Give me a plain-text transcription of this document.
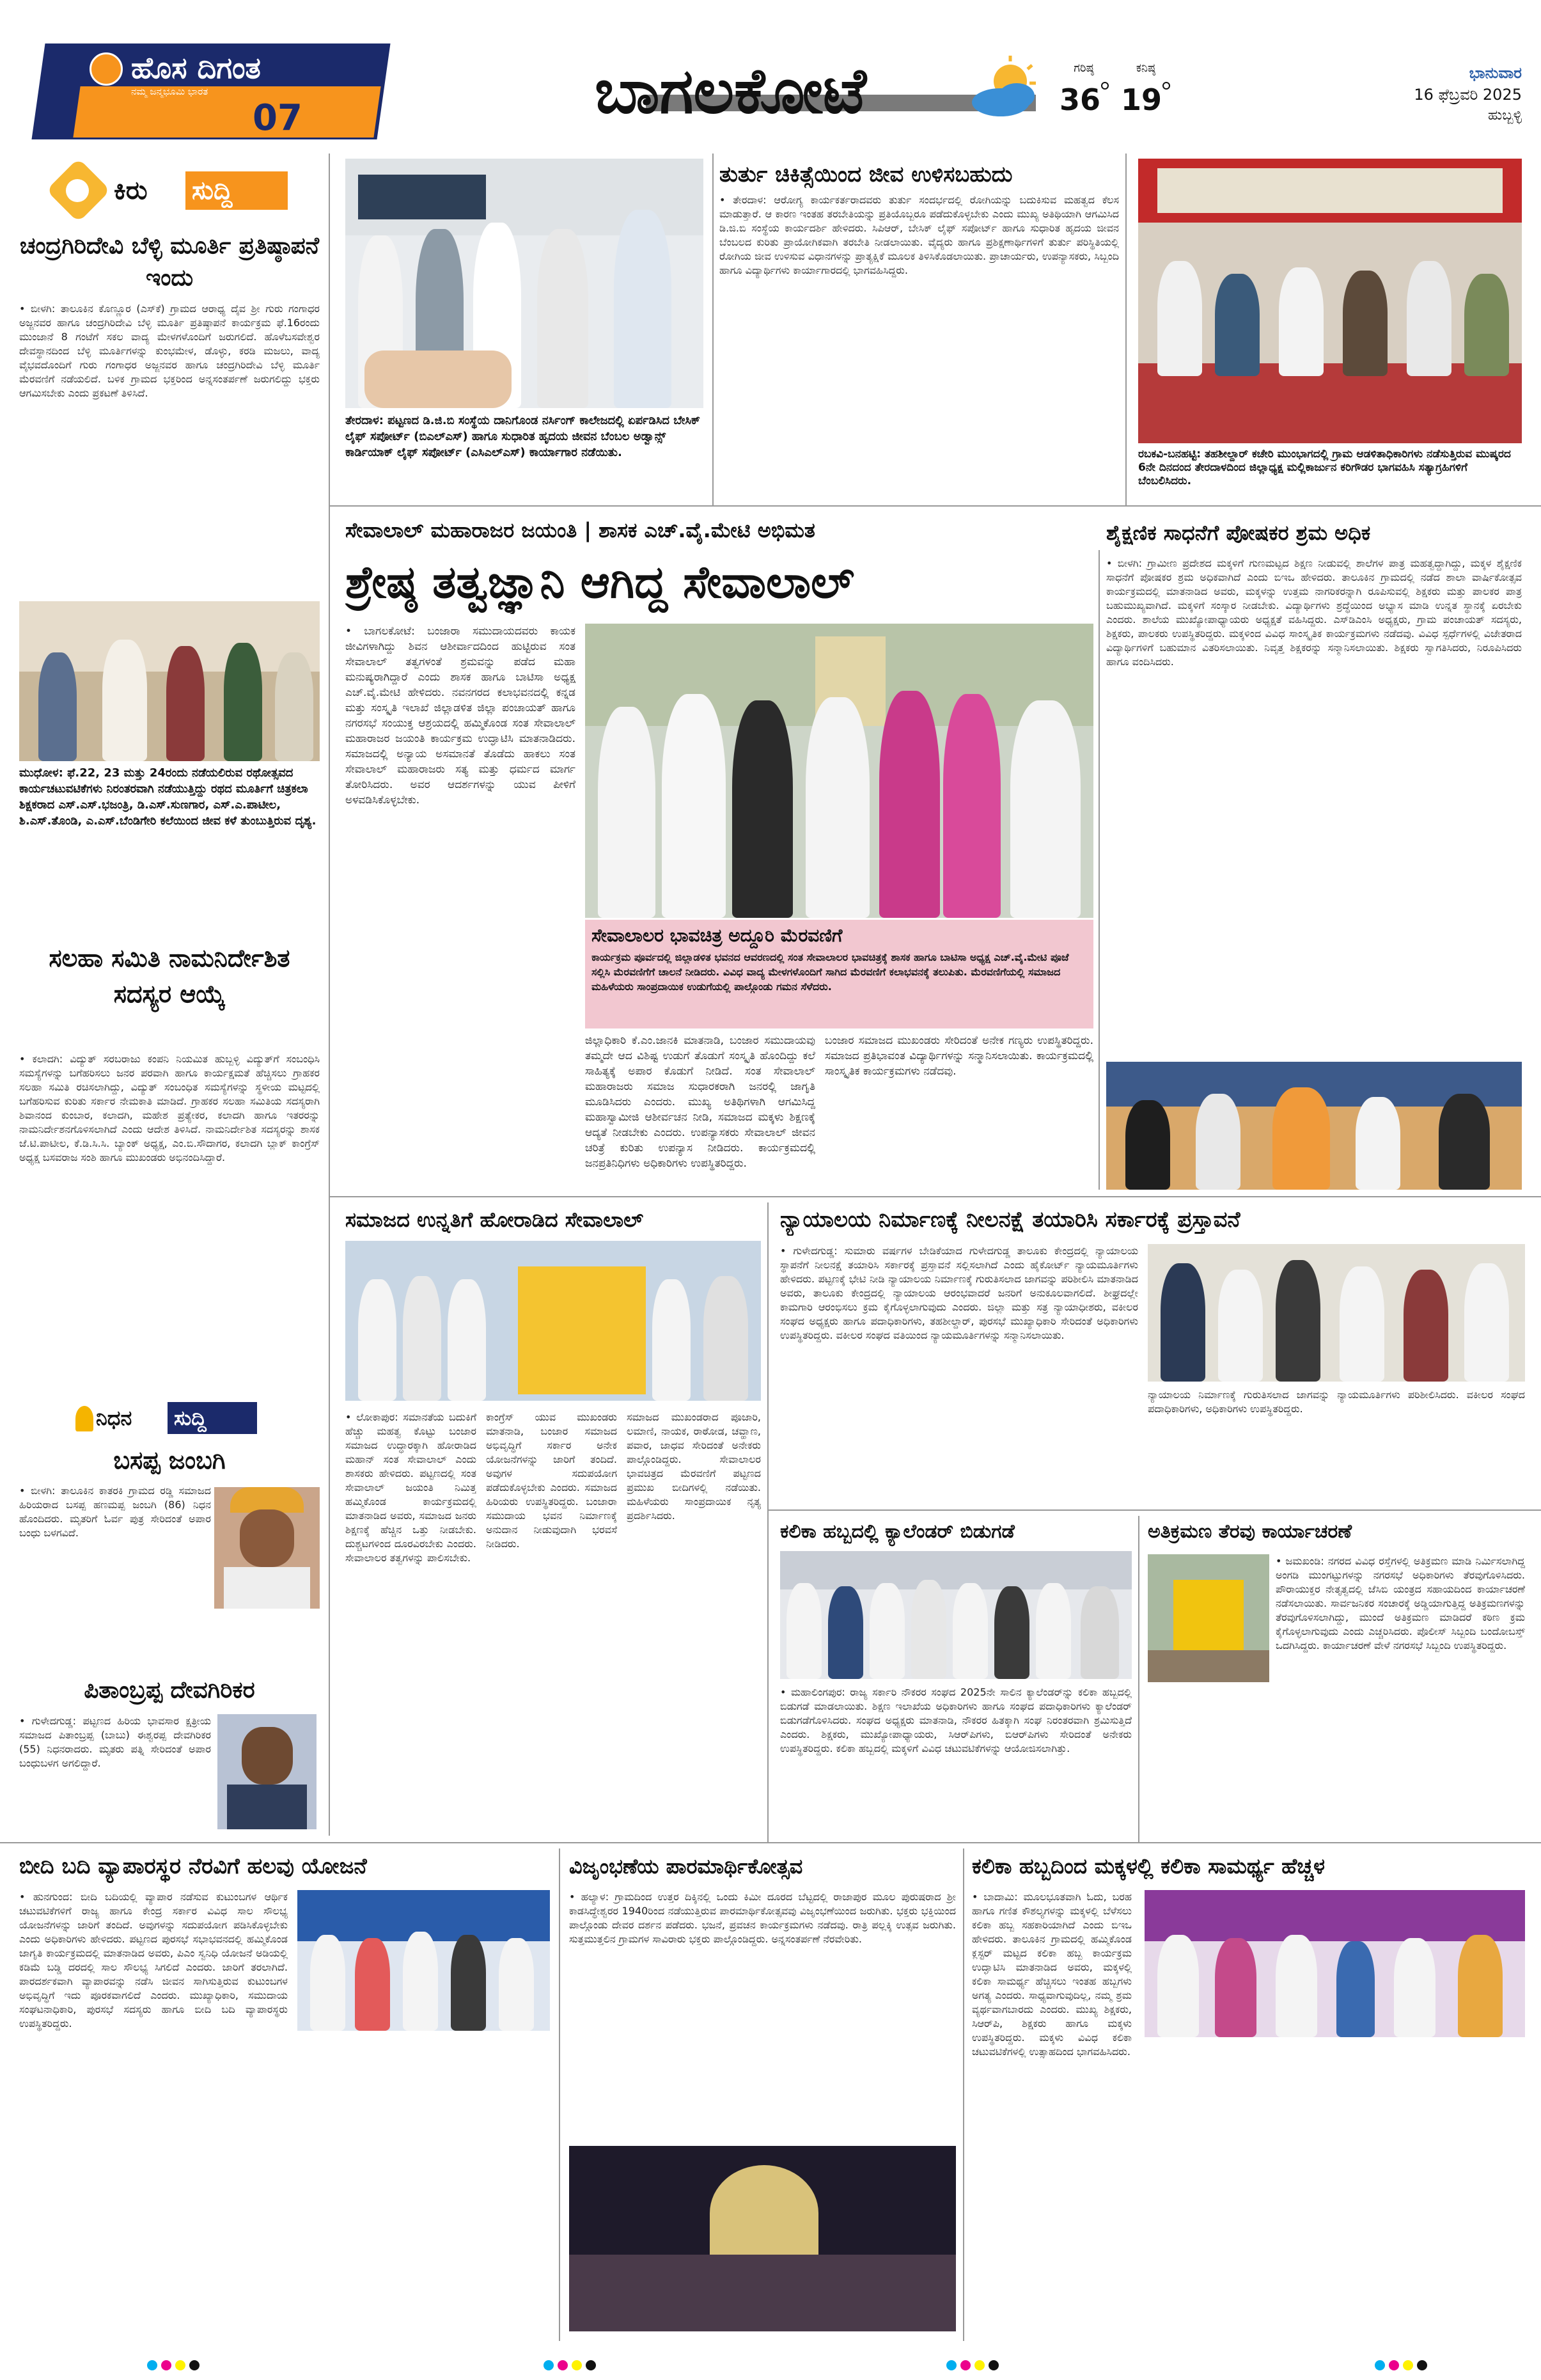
ಹೊಸ ದಿಗಂತ
ನಮ್ಮ ಜನ್ಮಭೂಮಿ ಭಾರತ
07	ಬಾಗಲಕೋಟೆ	ಗರಿಷ್ಠ
36
ಕನಿಷ್ಠ
19
ಭಾನುವಾರ
16 ಫೆಬ್ರವರಿ 2025
ಹುಬ್ಬಳ್ಳಿ
ಕಿರು	ಸುದ್ದಿ
ಚಂದ್ರಗಿರಿದೇವಿ ಬೆಳ್ಳಿ ಮೂರ್ತಿ ಪ್ರತಿಷ್ಠಾಪನೆ ಇಂದು
• ಬೀಳಗಿ: ತಾಲೂಕಿನ ಕೊಣ್ಣೂರ (ಎಸ್‌ಕೆ) ಗ್ರಾಮದ ಆರಾಧ್ಯ ದೈವ ಶ್ರೀ ಗುರು ಗಂಗಾಧರ ಅಜ್ಜನವರ ಹಾಗೂ ಚಂದ್ರಗಿರಿದೇವಿ ಬೆಳ್ಳಿ ಮೂರ್ತಿ ಪ್ರತಿಷ್ಠಾಪನೆ ಕಾರ್ಯಕ್ರಮ ಫೆ.16ರಂದು ಮುಂಜಾನೆ 8 ಗಂಟೆಗೆ ಸಕಲ ವಾದ್ಯ ಮೇಳಗಳೊಂದಿಗೆ ಜರುಗಲಿದೆ. ಹೊಳೆಬಸವೇಶ್ವರ ದೇವಸ್ಥಾನದಿಂದ ಬೆಳ್ಳಿ ಮೂರ್ತಿಗಳನ್ನು ಕುಂಭಮೇಳ, ಡೊಳ್ಳು, ಕರಡಿ ಮಜಲು, ವಾದ್ಯ ವೈಭವದೊಂದಿಗೆ ಗುರು ಗಂಗಾಧರ ಅಜ್ಜನವರ ಹಾಗೂ ಚಂದ್ರಗಿರಿದೇವಿ ಬೆಳ್ಳಿ ಮೂರ್ತಿ ಮೆರವಣಿಗೆ ನಡೆಯಲಿದೆ. ಬಳಿಕ ಗ್ರಾಮದ ಭಕ್ತರಿಂದ ಅನ್ನಸಂತರ್ಪಣೆ ಜರುಗಲಿದ್ದು ಭಕ್ತರು ಆಗಮಿಸಬೇಕು ಎಂದು ಪ್ರಕಟಣೆ ತಿಳಿಸಿದೆ.
ಮುಧೋಳ: ಫೆ.22, 23 ಮತ್ತು 24ರಂದು ನಡೆಯಲಿರುವ ರಥೋತ್ಸವದ ಕಾರ್ಯಚಟುವಟಿಕೆಗಳು ನಿರಂತರವಾಗಿ ನಡೆಯುತ್ತಿದ್ದು ರಥದ ಮೂರ್ತಿಗೆ ಚಿತ್ರಕಲಾ ಶಿಕ್ಷಕರಾದ ಎಸ್.ಎಸ್.ಭಜಂತ್ರಿ, ಡಿ.ಎಸ್.ಸುಣಗಾರ, ಎಸ್.ಎ.ಪಾಟೀಲ, ಶಿ.ಎಸ್.ತೊಂಡಿ, ಎ.ಎಸ್.ಬೆಂಡಿಗೇರಿ ಕಲೆಯಿಂದ ಜೀವ ಕಳೆ ತುಂಬುತ್ತಿರುವ ದೃಶ್ಯ.
ಸಲಹಾ ಸಮಿತಿ ನಾಮನಿರ್ದೇಶಿತ ಸದಸ್ಯರ ಆಯ್ಕೆ
• ಕಲಾದಗಿ: ವಿದ್ಯುತ್ ಸರಬರಾಜು ಕಂಪನಿ ನಿಯಮಿತ ಹುಬ್ಬಳ್ಳಿ ವಿದ್ಯುತ್‌ಗೆ ಸಂಬಂಧಿಸಿ ಸಮಸ್ಯೆಗಳನ್ನು ಬಗೆಹರಿಸಲು ಜನರ ಪರವಾಗಿ ಹಾಗೂ ಕಾರ್ಯಕ್ಷಮತೆ ಹೆಚ್ಚಿಸಲು ಗ್ರಾಹಕರ ಸಲಹಾ ಸಮಿತಿ ರಚಿಸಲಾಗಿದ್ದು, ವಿದ್ಯುತ್ ಸಂಬಂಧಿತ ಸಮಸ್ಯೆಗಳನ್ನು ಸ್ಥಳೀಯ ಮಟ್ಟದಲ್ಲಿ ಬಗೆಹರಿಸುವ ಕುರಿತು ಸರ್ಕಾರ ನೇಮಕಾತಿ ಮಾಡಿದೆ. ಗ್ರಾಹಕರ ಸಲಹಾ ಸಮಿತಿಯ ಸದಸ್ಯರಾಗಿ ಶಿವಾನಂದ ಕುಂಬಾರ, ಕಲಾದಗಿ, ಮಹೇಶ ಪ್ರತ್ಯೇಕರ, ಕಲಾದಗಿ ಹಾಗೂ ಇತರರನ್ನು ನಾಮನಿರ್ದೇಶನಗೊಳಿಸಲಾಗಿದೆ ಎಂದು ಆದೇಶ ತಿಳಿಸಿದೆ. ನಾಮನಿರ್ದೇಶಿತ ಸದಸ್ಯರನ್ನು ಶಾಸಕ ಜೆ.ಟಿ.ಪಾಟೀಲ, ಕೆ.ಡಿ.ಸಿ.ಸಿ. ಬ್ಯಾಂಕ್ ಅಧ್ಯಕ್ಷ, ಎಂ.ಬಿ.ಸೌದಾಗರ, ಕಲಾದಗಿ ಬ್ಲಾಕ್ ಕಾಂಗ್ರೆಸ್ ಅಧ್ಯಕ್ಷ ಬಸವರಾಜ ಸಂಶಿ ಹಾಗೂ ಮುಖಂಡರು ಅಭಿನಂದಿಸಿದ್ದಾರೆ.
ನಿಧನ	ಸುದ್ದಿ
ಬಸಪ್ಪ ಜಂಬಗಿ
• ಬೀಳಗಿ: ತಾಲೂಕಿನ ಕಾತರಕಿ ಗ್ರಾಮದ ರಡ್ಡಿ ಸಮಾಜದ ಹಿರಿಯರಾದ ಬಸಪ್ಪ ಹಣಮಪ್ಪ ಜಂಬಗಿ (86) ನಿಧನ ಹೊಂದಿದರು. ಮೃತರಿಗೆ ಓರ್ವ ಪುತ್ರ ಸೇರಿದಂತೆ ಅಪಾರ ಬಂಧು ಬಳಗವಿದೆ.
ಪಿತಾಂಬ್ರಪ್ಪ ದೇವಗಿರಿಕರ
• ಗುಳೇದಗುಡ್ಡ: ಪಟ್ಟಣದ ಹಿರಿಯ ಭಾವಸಾರ ಕ್ಷತ್ರೀಯ ಸಮಾಜದ ಪಿತಾಂಬ್ರಪ್ಪ (ಬಾಬು) ಈಶ್ವರಪ್ಪ ದೇವಗಿರಿಕರ (55) ನಿಧನರಾದರು. ಮೃತರು ಪತ್ನಿ ಸೇರಿದಂತೆ ಅಪಾರ ಬಂಧುಬಳಗ ಅಗಲಿದ್ದಾರೆ.
ತೇರದಾಳ: ಪಟ್ಟಣದ ಡಿ.ಜಿ.ಬಿ ಸಂಸ್ಥೆಯ ದಾನಿಗೊಂಡ ನರ್ಸಿಂಗ್ ಕಾಲೇಜದಲ್ಲಿ ಏರ್ಪಡಿಸಿದ ಬೇಸಿಕ್ ಲೈಫ್ ಸಪೋರ್ಟ್ (ಬಿಎಲ್‌ಎಸ್) ಹಾಗೂ ಸುಧಾರಿತ ಹೃದಯ ಜೀವನ ಬೆಂಬಲ ಅಡ್ವಾನ್ಸ್ ಕಾರ್ಡಿಯಾಕ್ ಲೈಫ್ ಸಪೋರ್ಟ್ (ಎಸಿಎಲ್‌ಎಸ್) ಕಾರ್ಯಾಗಾರ ನಡೆಯಿತು.
ತುರ್ತು ಚಿಕಿತ್ಸೆಯಿಂದ ಜೀವ ಉಳಿಸಬಹುದು
• ತೇರದಾಳ: ಆರೋಗ್ಯ ಕಾರ್ಯಕರ್ತರಾದವರು ತುರ್ತು ಸಂದರ್ಭದಲ್ಲಿ ರೋಗಿಯನ್ನು ಬದುಕಿಸುವ ಮಹತ್ವದ ಕೆಲಸ ಮಾಡುತ್ತಾರೆ. ಆ ಕಾರಣ ಇಂತಹ ತರಬೇತಿಯನ್ನು ಪ್ರತಿಯೊಬ್ಬರೂ ಪಡೆದುಕೊಳ್ಳಬೇಕು ಎಂದು ಮುಖ್ಯ ಅತಿಥಿಯಾಗಿ ಆಗಮಿಸಿದ ಡಿ.ಜಿ.ಬಿ ಸಂಸ್ಥೆಯ ಕಾರ್ಯದರ್ಶಿ ಹೇಳಿದರು. ಸಿಪಿಆರ್, ಬೇಸಿಕ್ ಲೈಫ್ ಸಪೋರ್ಟ್ ಹಾಗೂ ಸುಧಾರಿತ ಹೃದಯ ಜೀವನ ಬೆಂಬಲದ ಕುರಿತು ಪ್ರಾಯೋಗಿಕವಾಗಿ ತರಬೇತಿ ನೀಡಲಾಯಿತು. ವೈದ್ಯರು ಹಾಗೂ ಪ್ರಶಿಕ್ಷಣಾರ್ಥಿಗಳಿಗೆ ತುರ್ತು ಪರಿಸ್ಥಿತಿಯಲ್ಲಿ ರೋಗಿಯ ಜೀವ ಉಳಿಸುವ ವಿಧಾನಗಳನ್ನು ಪ್ರಾತ್ಯಕ್ಷಿಕೆ ಮೂಲಕ ತಿಳಿಸಿಕೊಡಲಾಯಿತು. ಪ್ರಾಚಾರ್ಯರು, ಉಪನ್ಯಾಸಕರು, ಸಿಬ್ಬಂದಿ ಹಾಗೂ ವಿದ್ಯಾರ್ಥಿಗಳು ಕಾರ್ಯಾಗಾರದಲ್ಲಿ ಭಾಗವಹಿಸಿದ್ದರು.
ರಬಕವಿ-ಬನಹಟ್ಟಿ: ತಹಶೀಲ್ದಾರ್ ಕಚೇರಿ ಮುಂಭಾಗದಲ್ಲಿ ಗ್ರಾಮ ಆಡಳಿತಾಧಿಕಾರಿಗಳು ನಡೆಸುತ್ತಿರುವ ಮುಷ್ಕರದ 6ನೇ ದಿನದಂದ ತೇರದಾಳದಿಂದ ಜಿಲ್ಲಾಧ್ಯಕ್ಷ ಮಲ್ಲಿಕಾರ್ಜುನ ಕರಿಗೌಡರ ಭಾಗವಹಿಸಿ ಸತ್ಯಾಗ್ರಹಿಗಳಿಗೆ ಬೆಂಬಲಿಸಿದರು.
ಸೇವಾಲಾಲ್ ಮಹಾರಾಜರ ಜಯಂತಿ | ಶಾಸಕ ಎಚ್.ವೈ.ಮೇಟಿ ಅಭಿಮತ
ಶ್ರೇಷ್ಠ ತತ್ವಜ್ಞಾನಿ ಆಗಿದ್ದ ಸೇವಾಲಾಲ್
• ಬಾಗಲಕೋಟೆ: ಬಂಜಾರಾ ಸಮುದಾಯದವರು ಕಾಯಕ ಜೀವಿಗಳಾಗಿದ್ದು ಶಿವನ ಆಶೀರ್ವಾದದಿಂದ ಹುಟ್ಟಿರುವ ಸಂತ ಸೇವಾಲಾಲ್ ತತ್ವಗಳಂತೆ ಶ್ರಮವನ್ನು ಪಡೆದ ಮಹಾ ಮನುಷ್ಯರಾಗಿದ್ದಾರೆ ಎಂದು ಶಾಸಕ ಹಾಗೂ ಬಾಟಿಸಾ ಅಧ್ಯಕ್ಷ ಎಚ್.ವೈ.ಮೇಟಿ ಹೇಳಿದರು. ನವನಗರದ ಕಲಾಭವನದಲ್ಲಿ ಕನ್ನಡ ಮತ್ತು ಸಂಸ್ಕೃತಿ ಇಲಾಖೆ ಜಿಲ್ಲಾಡಳಿತ ಜಿಲ್ಲಾ ಪಂಚಾಯತ್ ಹಾಗೂ ನಗರಸಭೆ ಸಂಯುಕ್ತ ಆಶ್ರಯದಲ್ಲಿ ಹಮ್ಮಿಕೊಂಡ ಸಂತ ಸೇವಾಲಾಲ್ ಮಹಾರಾಜರ ಜಯಂತಿ ಕಾರ್ಯಕ್ರಮ ಉದ್ಘಾಟಿಸಿ ಮಾತನಾಡಿದರು. ಸಮಾಜದಲ್ಲಿ ಅನ್ಯಾಯ ಅಸಮಾನತೆ ತೊಡೆದು ಹಾಕಲು ಸಂತ ಸೇವಾಲಾಲ್ ಮಹಾರಾಜರು ಸತ್ಯ ಮತ್ತು ಧರ್ಮದ ಮಾರ್ಗ ತೋರಿಸಿದರು. ಅವರ ಆದರ್ಶಗಳನ್ನು ಯುವ ಪೀಳಿಗೆ ಅಳವಡಿಸಿಕೊಳ್ಳಬೇಕು.
ಸೇವಾಲಾಲರ ಭಾವಚಿತ್ರ ಅದ್ದೂರಿ ಮೆರವಣಿಗೆ
ಕಾರ್ಯಕ್ರಮ ಪೂರ್ವದಲ್ಲಿ ಜಿಲ್ಲಾಡಳಿತ ಭವನದ ಆವರಣದಲ್ಲಿ ಸಂತ ಸೇವಾಲಾಲರ ಭಾವಚಿತ್ರಕ್ಕೆ ಶಾಸಕ ಹಾಗೂ ಬಾಟಿಸಾ ಅಧ್ಯಕ್ಷ ಎಚ್.ವೈ.ಮೇಟಿ ಪೂಜೆ ಸಲ್ಲಿಸಿ ಮೆರವಣಿಗೆಗೆ ಚಾಲನೆ ನೀಡಿದರು. ವಿವಿಧ ವಾದ್ಯ ಮೇಳಗಳೊಂದಿಗೆ ಸಾಗಿದ ಮೆರವಣಿಗೆ ಕಲಾಭವನಕ್ಕೆ ತಲುಪಿತು. ಮೆರವಣಿಗೆಯಲ್ಲಿ ಸಮಾಜದ ಮಹಿಳೆಯರು ಸಾಂಪ್ರದಾಯಿಕ ಉಡುಗೆಯಲ್ಲಿ ಪಾಲ್ಗೊಂಡು ಗಮನ ಸೆಳೆದರು.
ಜಿಲ್ಲಾಧಿಕಾರಿ ಕೆ.ಎಂ.ಜಾನಕಿ ಮಾತನಾಡಿ, ಬಂಜಾರ ಸಮುದಾಯವು ತಮ್ಮದೇ ಆದ ವಿಶಿಷ್ಟ ಉಡುಗೆ ತೊಡುಗೆ ಸಂಸ್ಕೃತಿ ಹೊಂದಿದ್ದು ಕಲೆ ಸಾಹಿತ್ಯಕ್ಕೆ ಅಪಾರ ಕೊಡುಗೆ ನೀಡಿದೆ. ಸಂತ ಸೇವಾಲಾಲ್ ಮಹಾರಾಜರು ಸಮಾಜ ಸುಧಾರಕರಾಗಿ ಜನರಲ್ಲಿ ಜಾಗೃತಿ ಮೂಡಿಸಿದರು ಎಂದರು. ಮುಖ್ಯ ಅತಿಥಿಗಳಾಗಿ ಆಗಮಿಸಿದ್ದ ಮಹಾಸ್ವಾಮೀಜಿ ಆಶೀರ್ವಚನ ನೀಡಿ, ಸಮಾಜದ ಮಕ್ಕಳು ಶಿಕ್ಷಣಕ್ಕೆ ಆದ್ಯತೆ ನೀಡಬೇಕು ಎಂದರು. ಉಪನ್ಯಾಸಕರು ಸೇವಾಲಾಲ್ ಜೀವನ ಚರಿತ್ರೆ ಕುರಿತು ಉಪನ್ಯಾಸ ನೀಡಿದರು. ಕಾರ್ಯಕ್ರಮದಲ್ಲಿ ಜನಪ್ರತಿನಿಧಿಗಳು ಅಧಿಕಾರಿಗಳು ಉಪಸ್ಥಿತರಿದ್ದರು.
ಬಂಜಾರ ಸಮಾಜದ ಮುಖಂಡರು ಸೇರಿದಂತೆ ಅನೇಕ ಗಣ್ಯರು ಉಪಸ್ಥಿತರಿದ್ದರು. ಸಮಾಜದ ಪ್ರತಿಭಾವಂತ ವಿದ್ಯಾರ್ಥಿಗಳನ್ನು ಸನ್ಮಾನಿಸಲಾಯಿತು. ಕಾರ್ಯಕ್ರಮದಲ್ಲಿ ಸಾಂಸ್ಕೃತಿಕ ಕಾರ್ಯಕ್ರಮಗಳು ನಡೆದವು.
ಶೈಕ್ಷಣಿಕ ಸಾಧನೆಗೆ ಪೋಷಕರ ಶ್ರಮ ಅಧಿಕ
• ಬೀಳಗಿ: ಗ್ರಾಮೀಣ ಪ್ರದೇಶದ ಮಕ್ಕಳಿಗೆ ಗುಣಮಟ್ಟದ ಶಿಕ್ಷಣ ನೀಡುವಲ್ಲಿ ಶಾಲೆಗಳ ಪಾತ್ರ ಮಹತ್ವದ್ದಾಗಿದ್ದು, ಮಕ್ಕಳ ಶೈಕ್ಷಣಿಕ ಸಾಧನೆಗೆ ಪೋಷಕರ ಶ್ರಮ ಅಧಿಕವಾಗಿದೆ ಎಂದು ಬಿಇಒ ಹೇಳಿದರು. ತಾಲೂಕಿನ ಗ್ರಾಮದಲ್ಲಿ ನಡೆದ ಶಾಲಾ ವಾರ್ಷಿಕೋತ್ಸವ ಕಾರ್ಯಕ್ರಮದಲ್ಲಿ ಮಾತನಾಡಿದ ಅವರು, ಮಕ್ಕಳನ್ನು ಉತ್ತಮ ನಾಗರಿಕರನ್ನಾಗಿ ರೂಪಿಸುವಲ್ಲಿ ಶಿಕ್ಷಕರು ಮತ್ತು ಪಾಲಕರ ಪಾತ್ರ ಬಹುಮುಖ್ಯವಾಗಿದೆ. ಮಕ್ಕಳಿಗೆ ಸಂಸ್ಕಾರ ನೀಡಬೇಕು. ವಿದ್ಯಾರ್ಥಿಗಳು ಶ್ರದ್ಧೆಯಿಂದ ಅಭ್ಯಾಸ ಮಾಡಿ ಉನ್ನತ ಸ್ಥಾನಕ್ಕೆ ಏರಬೇಕು ಎಂದರು. ಶಾಲೆಯ ಮುಖ್ಯೋಪಾಧ್ಯಾಯರು ಅಧ್ಯಕ್ಷತೆ ವಹಿಸಿದ್ದರು. ಎಸ್‌ಡಿಎಂಸಿ ಅಧ್ಯಕ್ಷರು, ಗ್ರಾಮ ಪಂಚಾಯತ್ ಸದಸ್ಯರು, ಶಿಕ್ಷಕರು, ಪಾಲಕರು ಉಪಸ್ಥಿತರಿದ್ದರು. ಮಕ್ಕಳಿಂದ ವಿವಿಧ ಸಾಂಸ್ಕೃತಿಕ ಕಾರ್ಯಕ್ರಮಗಳು ನಡೆದವು. ವಿವಿಧ ಸ್ಪರ್ಧೆಗಳಲ್ಲಿ ವಿಜೇತರಾದ ವಿದ್ಯಾರ್ಥಿಗಳಿಗೆ ಬಹುಮಾನ ವಿತರಿಸಲಾಯಿತು. ನಿವೃತ್ತ ಶಿಕ್ಷಕರನ್ನು ಸನ್ಮಾನಿಸಲಾಯಿತು. ಶಿಕ್ಷಕರು ಸ್ವಾಗತಿಸಿದರು, ನಿರೂಪಿಸಿದರು ಹಾಗೂ ವಂದಿಸಿದರು.
ಸಮಾಜದ ಉನ್ನತಿಗೆ ಹೋರಾಡಿದ ಸೇವಾಲಾಲ್
• ಲೋಕಾಪುರ: ಸಮಾನತೆಯ ಬದುಕಿಗೆ ಹೆಚ್ಚು ಮಹತ್ವ ಕೊಟ್ಟು ಬಂಜಾರ ಸಮಾಜದ ಉದ್ಧಾರಕ್ಕಾಗಿ ಹೋರಾಡಿದ ಮಹಾನ್ ಸಂತ ಸೇವಾಲಾಲ್ ಎಂದು ಶಾಸಕರು ಹೇಳಿದರು. ಪಟ್ಟಣದಲ್ಲಿ ಸಂತ ಸೇವಾಲಾಲ್ ಜಯಂತಿ ನಿಮಿತ್ತ ಹಮ್ಮಿಕೊಂಡ ಕಾರ್ಯಕ್ರಮದಲ್ಲಿ ಮಾತನಾಡಿದ ಅವರು, ಸಮಾಜದ ಜನರು ಶಿಕ್ಷಣಕ್ಕೆ ಹೆಚ್ಚಿನ ಒತ್ತು ನೀಡಬೇಕು. ದುಶ್ಚಟಗಳಿಂದ ದೂರವಿರಬೇಕು ಎಂದರು. ಸೇವಾಲಾಲರ ತತ್ವಗಳನ್ನು ಪಾಲಿಸಬೇಕು.
ಕಾಂಗ್ರೆಸ್ ಯುವ ಮುಖಂಡರು ಮಾತನಾಡಿ, ಬಂಜಾರ ಸಮಾಜದ ಅಭಿವೃದ್ಧಿಗೆ ಸರ್ಕಾರ ಅನೇಕ ಯೋಜನೆಗಳನ್ನು ಜಾರಿಗೆ ತಂದಿದೆ. ಅವುಗಳ ಸದುಪಯೋಗ ಪಡೆದುಕೊಳ್ಳಬೇಕು ಎಂದರು. ಸಮಾಜದ ಹಿರಿಯರು ಉಪಸ್ಥಿತರಿದ್ದರು. ಬಂಜಾರಾ ಸಮುದಾಯ ಭವನ ನಿರ್ಮಾಣಕ್ಕೆ ಅನುದಾನ ನೀಡುವುದಾಗಿ ಭರವಸೆ ನೀಡಿದರು.
ಸಮಾಜದ ಮುಖಂಡರಾದ ಪೂಜಾರಿ, ಲಮಾಣಿ, ನಾಯಕ, ರಾಠೋಡ, ಚವ್ಹಾಣ, ಪವಾರ, ಜಾಧವ ಸೇರಿದಂತೆ ಅನೇಕರು ಪಾಲ್ಗೊಂಡಿದ್ದರು. ಸೇವಾಲಾಲರ ಭಾವಚಿತ್ರದ ಮೆರವಣಿಗೆ ಪಟ್ಟಣದ ಪ್ರಮುಖ ಬೀದಿಗಳಲ್ಲಿ ನಡೆಯಿತು. ಮಹಿಳೆಯರು ಸಾಂಪ್ರದಾಯಿಕ ನೃತ್ಯ ಪ್ರದರ್ಶಿಸಿದರು.
ನ್ಯಾಯಾಲಯ ನಿರ್ಮಾಣಕ್ಕೆ ನೀಲನಕ್ಷೆ ತಯಾರಿಸಿ ಸರ್ಕಾರಕ್ಕೆ ಪ್ರಸ್ತಾವನೆ
• ಗುಳೇದಗುಡ್ಡ: ಸುಮಾರು ವರ್ಷಗಳ ಬೇಡಿಕೆಯಾದ ಗುಳೇದಗುಡ್ಡ ತಾಲೂಕು ಕೇಂದ್ರದಲ್ಲಿ ನ್ಯಾಯಾಲಯ ಸ್ಥಾಪನೆಗೆ ನೀಲನಕ್ಷೆ ತಯಾರಿಸಿ ಸರ್ಕಾರಕ್ಕೆ ಪ್ರಸ್ತಾವನೆ ಸಲ್ಲಿಸಲಾಗಿದೆ ಎಂದು ಹೈಕೋರ್ಟ್ ನ್ಯಾಯಮೂರ್ತಿಗಳು ಹೇಳಿದರು. ಪಟ್ಟಣಕ್ಕೆ ಭೇಟಿ ನೀಡಿ ನ್ಯಾಯಾಲಯ ನಿರ್ಮಾಣಕ್ಕೆ ಗುರುತಿಸಲಾದ ಜಾಗವನ್ನು ಪರಿಶೀಲಿಸಿ ಮಾತನಾಡಿದ ಅವರು, ತಾಲೂಕು ಕೇಂದ್ರದಲ್ಲಿ ನ್ಯಾಯಾಲಯ ಆರಂಭವಾದರೆ ಜನರಿಗೆ ಅನುಕೂಲವಾಗಲಿದೆ. ಶೀಘ್ರದಲ್ಲೇ ಕಾಮಗಾರಿ ಆರಂಭಿಸಲು ಕ್ರಮ ಕೈಗೊಳ್ಳಲಾಗುವುದು ಎಂದರು. ಜಿಲ್ಲಾ ಮತ್ತು ಸತ್ರ ನ್ಯಾಯಾಧೀಶರು, ವಕೀಲರ ಸಂಘದ ಅಧ್ಯಕ್ಷರು ಹಾಗೂ ಪದಾಧಿಕಾರಿಗಳು, ತಹಶೀಲ್ದಾರ್, ಪುರಸಭೆ ಮುಖ್ಯಾಧಿಕಾರಿ ಸೇರಿದಂತೆ ಅಧಿಕಾರಿಗಳು ಉಪಸ್ಥಿತರಿದ್ದರು. ವಕೀಲರ ಸಂಘದ ವತಿಯಿಂದ ನ್ಯಾಯಮೂರ್ತಿಗಳನ್ನು ಸನ್ಮಾನಿಸಲಾಯಿತು.
ನ್ಯಾಯಾಲಯ ನಿರ್ಮಾಣಕ್ಕೆ ಗುರುತಿಸಲಾದ ಜಾಗವನ್ನು ನ್ಯಾಯಮೂರ್ತಿಗಳು ಪರಿಶೀಲಿಸಿದರು. ವಕೀಲರ ಸಂಘದ ಪದಾಧಿಕಾರಿಗಳು, ಅಧಿಕಾರಿಗಳು ಉಪಸ್ಥಿತರಿದ್ದರು.
ಕಲಿಕಾ ಹಬ್ಬದಲ್ಲಿ ಕ್ಯಾಲೆಂಡರ್ ಬಿಡುಗಡೆ
• ಮಹಾಲಿಂಗಪುರ: ರಾಜ್ಯ ಸರ್ಕಾರಿ ನೌಕರರ ಸಂಘದ 2025ನೇ ಸಾಲಿನ ಕ್ಯಾಲೆಂಡರ್‌ನ್ನು ಕಲಿಕಾ ಹಬ್ಬದಲ್ಲಿ ಬಿಡುಗಡೆ ಮಾಡಲಾಯಿತು. ಶಿಕ್ಷಣ ಇಲಾಖೆಯ ಅಧಿಕಾರಿಗಳು ಹಾಗೂ ಸಂಘದ ಪದಾಧಿಕಾರಿಗಳು ಕ್ಯಾಲೆಂಡರ್ ಬಿಡುಗಡೆಗೊಳಿಸಿದರು. ಸಂಘದ ಅಧ್ಯಕ್ಷರು ಮಾತನಾಡಿ, ನೌಕರರ ಹಿತಕ್ಕಾಗಿ ಸಂಘ ನಿರಂತರವಾಗಿ ಶ್ರಮಿಸುತ್ತಿದೆ ಎಂದರು. ಶಿಕ್ಷಕರು, ಮುಖ್ಯೋಪಾಧ್ಯಾಯರು, ಸಿಆರ್‌ಪಿಗಳು, ಬಿಆರ್‌ಪಿಗಳು ಸೇರಿದಂತೆ ಅನೇಕರು ಉಪಸ್ಥಿತರಿದ್ದರು. ಕಲಿಕಾ ಹಬ್ಬದಲ್ಲಿ ಮಕ್ಕಳಿಗೆ ವಿವಿಧ ಚಟುವಟಿಕೆಗಳನ್ನು ಆಯೋಜಿಸಲಾಗಿತ್ತು.
ಅತಿಕ್ರಮಣ ತೆರವು ಕಾರ್ಯಾಚರಣೆ
• ಜಮಖಂಡಿ: ನಗರದ ವಿವಿಧ ರಸ್ತೆಗಳಲ್ಲಿ ಅತಿಕ್ರಮಣ ಮಾಡಿ ನಿರ್ಮಿಸಲಾಗಿದ್ದ ಅಂಗಡಿ ಮುಂಗಟ್ಟುಗಳನ್ನು ನಗರಸಭೆ ಅಧಿಕಾರಿಗಳು ತೆರವುಗೊಳಿಸಿದರು. ಪೌರಾಯುಕ್ತರ ನೇತೃತ್ವದಲ್ಲಿ ಜೆಸಿಬಿ ಯಂತ್ರದ ಸಹಾಯದಿಂದ ಕಾರ್ಯಾಚರಣೆ ನಡೆಸಲಾಯಿತು. ಸಾರ್ವಜನಿಕರ ಸಂಚಾರಕ್ಕೆ ಅಡ್ಡಿಯಾಗುತ್ತಿದ್ದ ಅತಿಕ್ರಮಣಗಳನ್ನು ತೆರವುಗೊಳಿಸಲಾಗಿದ್ದು, ಮುಂದೆ ಅತಿಕ್ರಮಣ ಮಾಡಿದರೆ ಕಠಿಣ ಕ್ರಮ ಕೈಗೊಳ್ಳಲಾಗುವುದು ಎಂದು ಎಚ್ಚರಿಸಿದರು. ಪೊಲೀಸ್ ಸಿಬ್ಬಂದಿ ಬಂದೋಬಸ್ತ್ ಒದಗಿಸಿದ್ದರು. ಕಾರ್ಯಾಚರಣೆ ವೇಳೆ ನಗರಸಭೆ ಸಿಬ್ಬಂದಿ ಉಪಸ್ಥಿತರಿದ್ದರು.
ಬೀದಿ ಬದಿ ವ್ಯಾಪಾರಸ್ಥರ ನೆರವಿಗೆ ಹಲವು ಯೋಜನೆ
• ಹುನಗುಂದ: ಬೀದಿ ಬದಿಯಲ್ಲಿ ವ್ಯಾಪಾರ ನಡೆಸುವ ಕುಟುಂಬಗಳ ಆರ್ಥಿಕ ಚಟುವಟಿಕೆಗಳಿಗೆ ರಾಜ್ಯ ಹಾಗೂ ಕೇಂದ್ರ ಸರ್ಕಾರ ವಿವಿಧ ಸಾಲ ಸೌಲಭ್ಯ ಯೋಜನೆಗಳನ್ನು ಜಾರಿಗೆ ತಂದಿದೆ. ಅವುಗಳನ್ನು ಸದುಪಯೋಗ ಪಡಿಸಿಕೊಳ್ಳಬೇಕು ಎಂದು ಅಧಿಕಾರಿಗಳು ಹೇಳಿದರು. ಪಟ್ಟಣದ ಪುರಸಭೆ ಸಭಾಭವನದಲ್ಲಿ ಹಮ್ಮಿಕೊಂಡ ಜಾಗೃತಿ ಕಾರ್ಯಕ್ರಮದಲ್ಲಿ ಮಾತನಾಡಿದ ಅವರು, ಪಿಎಂ ಸ್ವನಿಧಿ ಯೋಜನೆ ಅಡಿಯಲ್ಲಿ ಕಡಿಮೆ ಬಡ್ಡಿ ದರದಲ್ಲಿ ಸಾಲ ಸೌಲಭ್ಯ ಸಿಗಲಿದೆ ಎಂದರು. ಜಾರಿಗೆ ತರಲಾಗಿದೆ. ಪಾರದರ್ಶಕವಾಗಿ ವ್ಯಾಪಾರವನ್ನು ನಡೆಸಿ ಜೀವನ ಸಾಗಿಸುತ್ತಿರುವ ಕುಟುಂಬಗಳ ಅಭಿವೃದ್ಧಿಗೆ ಇದು ಪೂರಕವಾಗಲಿದೆ ಎಂದರು. ಮುಖ್ಯಾಧಿಕಾರಿ, ಸಮುದಾಯ ಸಂಘಟನಾಧಿಕಾರಿ, ಪುರಸಭೆ ಸದಸ್ಯರು ಹಾಗೂ ಬೀದಿ ಬದಿ ವ್ಯಾಪಾರಸ್ಥರು ಉಪಸ್ಥಿತರಿದ್ದರು.
ವಿಜೃಂಭಣೆಯ ಪಾರಮಾರ್ಥಿಕೋತ್ಸವ
• ಹಲ್ಯಾಳ: ಗ್ರಾಮದಿಂದ ಉತ್ತರ ದಿಕ್ಕಿನಲ್ಲಿ ಒಂದು ಕಿಮೀ ದೂರದ ಬೆಟ್ಟದಲ್ಲಿ ರಾಜಾಪುರ ಮೂಲ ಪುರುಷರಾದ ಶ್ರೀ ಕಾಡಸಿದ್ಧೇಶ್ವರರ 1940ರಿಂದ ನಡೆಯುತ್ತಿರುವ ಪಾರಮಾರ್ಥಿಕೋತ್ಸವವು ವಿಜೃಂಭಣೆಯಿಂದ ಜರುಗಿತು. ಭಕ್ತರು ಭಕ್ತಿಯಿಂದ ಪಾಲ್ಗೊಂಡು ದೇವರ ದರ್ಶನ ಪಡೆದರು. ಭಜನೆ, ಪ್ರವಚನ ಕಾರ್ಯಕ್ರಮಗಳು ನಡೆದವು. ರಾತ್ರಿ ಪಲ್ಲಕ್ಕಿ ಉತ್ಸವ ಜರುಗಿತು. ಸುತ್ತಮುತ್ತಲಿನ ಗ್ರಾಮಗಳ ಸಾವಿರಾರು ಭಕ್ತರು ಪಾಲ್ಗೊಂಡಿದ್ದರು. ಅನ್ನಸಂತರ್ಪಣೆ ನೆರವೇರಿತು.
ಕಲಿಕಾ ಹಬ್ಬದಿಂದ ಮಕ್ಕಳಲ್ಲಿ ಕಲಿಕಾ ಸಾಮರ್ಥ್ಯ ಹೆಚ್ಚಳ
• ಬಾದಾಮಿ: ಮೂಲಭೂತವಾಗಿ ಓದು, ಬರಹ ಹಾಗೂ ಗಣಿತ ಕೌಶಲ್ಯಗಳನ್ನು ಮಕ್ಕಳಲ್ಲಿ ಬೆಳೆಸಲು ಕಲಿಕಾ ಹಬ್ಬ ಸಹಕಾರಿಯಾಗಿದೆ ಎಂದು ಬಿಇಒ ಹೇಳಿದರು. ತಾಲೂಕಿನ ಗ್ರಾಮದಲ್ಲಿ ಹಮ್ಮಿಕೊಂಡ ಕ್ಲಸ್ಟರ್ ಮಟ್ಟದ ಕಲಿಕಾ ಹಬ್ಬ ಕಾರ್ಯಕ್ರಮ ಉದ್ಘಾಟಿಸಿ ಮಾತನಾಡಿದ ಅವರು, ಮಕ್ಕಳಲ್ಲಿ ಕಲಿಕಾ ಸಾಮರ್ಥ್ಯ ಹೆಚ್ಚಿಸಲು ಇಂತಹ ಹಬ್ಬಗಳು ಅಗತ್ಯ ಎಂದರು. ಸಾಧ್ಯವಾಗುವುದಿಲ್ಲ, ನಮ್ಮ ಶ್ರಮ ವ್ಯರ್ಥವಾಗಬಾರದು ಎಂದರು. ಮುಖ್ಯ ಶಿಕ್ಷಕರು, ಸಿಆರ್‌ಪಿ, ಶಿಕ್ಷಕರು ಹಾಗೂ ಮಕ್ಕಳು ಉಪಸ್ಥಿತರಿದ್ದರು. ಮಕ್ಕಳು ವಿವಿಧ ಕಲಿಕಾ ಚಟುವಟಿಕೆಗಳಲ್ಲಿ ಉತ್ಸಾಹದಿಂದ ಭಾಗವಹಿಸಿದರು.
